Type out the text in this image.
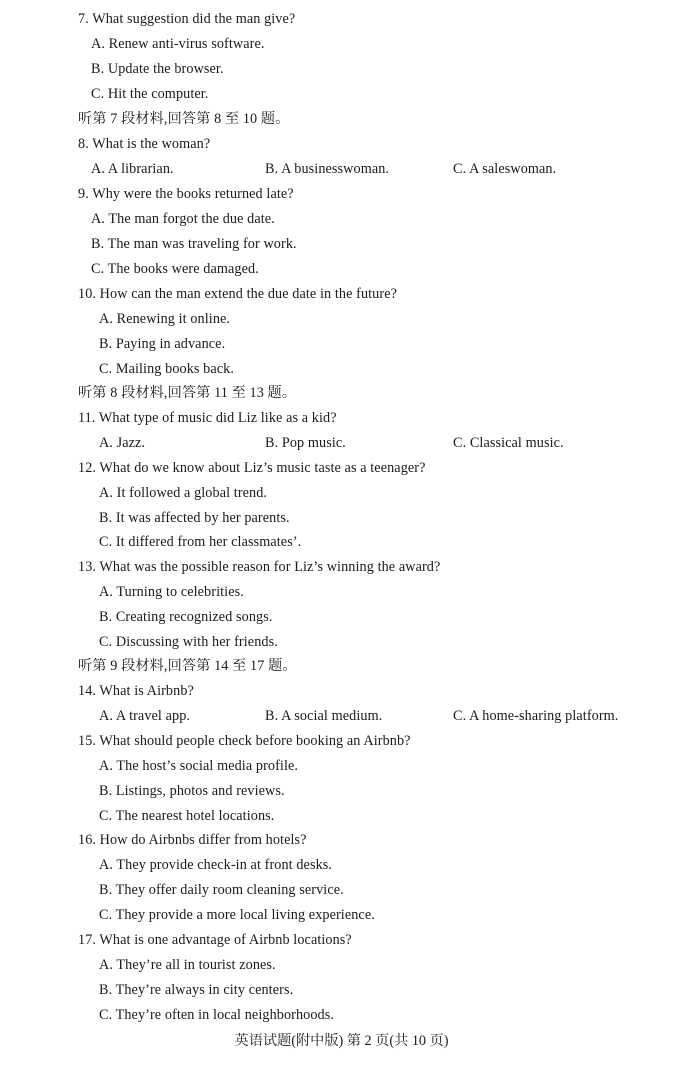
7. What suggestion did the man give?
A. Renew anti-virus software.
B. Update the browser.
C. Hit the computer.
听第 7 段材料,回答第 8 至 10 题。
8. What is the woman?
A. A librarian.	B. A businesswoman.	C. A saleswoman.
9. Why were the books returned late?
A. The man forgot the due date.
B. The man was traveling for work.
C. The books were damaged.
10. How can the man extend the due date in the future?
A. Renewing it online.
B. Paying in advance.
C. Mailing books back.
听第 8 段材料,回答第 11 至 13 题。
11. What type of music did Liz like as a kid?
A. Jazz.	B. Pop music.	C. Classical music.
12. What do we know about Liz’s music taste as a teenager?
A. It followed a global trend.
B. It was affected by her parents.
C. It differed from her classmates’.
13. What was the possible reason for Liz’s winning the award?
A. Turning to celebrities.
B. Creating recognized songs.
C. Discussing with her friends.
听第 9 段材料,回答第 14 至 17 题。
14. What is Airbnb?
A. A travel app.	B. A social medium.	C. A home-sharing platform.
15. What should people check before booking an Airbnb?
A. The host’s social media profile.
B. Listings, photos and reviews.
C. The nearest hotel locations.
16. How do Airbnbs differ from hotels?
A. They provide check-in at front desks.
B. They offer daily room cleaning service.
C. They provide a more local living experience.
17. What is one advantage of Airbnb locations?
A. They’re all in tourist zones.
B. They’re always in city centers.
C. They’re often in local neighborhoods.
英语试题(附中版) 第 2 页(共 10 页)
